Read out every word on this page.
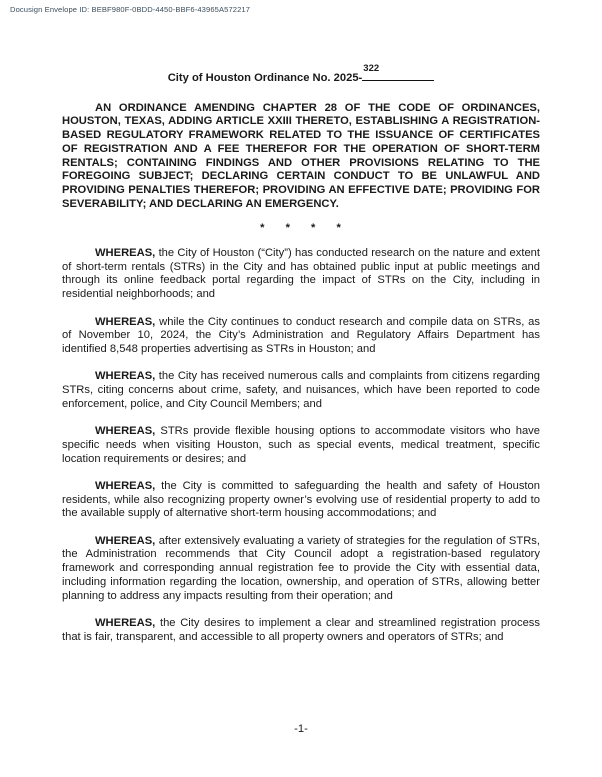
Docusign Envelope ID: BEBF980F-0BDD-4450-BBF6-43965A572217
City of Houston Ordinance No. 2025-
322

AN ORDINANCE AMENDING CHAPTER 28 OF THE CODE OF ORDINANCES, HOUSTON, TEXAS, ADDING ARTICLE XXIII THERETO, ESTABLISHING A REGISTRATION-BASED REGULATORY FRAMEWORK RELATED TO THE ISSUANCE OF CERTIFICATES OF REGISTRATION AND A FEE THEREFOR FOR THE OPERATION OF SHORT-TERM RENTALS; CONTAINING FINDINGS AND OTHER PROVISIONS RELATING TO THE FOREGOING SUBJECT; DECLARING CERTAIN CONDUCT TO BE UNLAWFUL AND PROVIDING PENALTIES THEREFOR; PROVIDING AN EFFECTIVE DATE; PROVIDING FOR SEVERABILITY; AND DECLARING AN EMERGENCY.

* * * *

WHEREAS, the City of Houston (“City”) has conducted research on the nature and extent of short-term rentals (STRs) in the City and has obtained public input at public meetings and through its online feedback portal regarding the impact of STRs on the City, including in residential neighborhoods; and

WHEREAS, while the City continues to conduct research and compile data on STRs, as of November 10, 2024, the City’s Administration and Regulatory Affairs Department has identified 8,548 properties advertising as STRs in Houston; and

WHEREAS, the City has received numerous calls and complaints from citizens regarding STRs, citing concerns about crime, safety, and nuisances, which have been reported to code enforcement, police, and City Council Members; and

WHEREAS, STRs provide flexible housing options to accommodate visitors who have specific needs when visiting Houston, such as special events, medical treatment, specific location requirements or desires; and

WHEREAS, the City is committed to safeguarding the health and safety of Houston residents, while also recognizing property owner’s evolving use of residential property to add to the available supply of alternative short-term housing accommodations; and

WHEREAS, after extensively evaluating a variety of strategies for the regulation of STRs, the Administration recommends that City Council adopt a registration-based regulatory framework and corresponding annual registration fee to provide the City with essential data, including information regarding the location, ownership, and operation of STRs, allowing better planning to address any impacts resulting from their operation; and

WHEREAS, the City desires to implement a clear and streamlined registration process that is fair, transparent, and accessible to all property owners and operators of STRs; and

-1-
